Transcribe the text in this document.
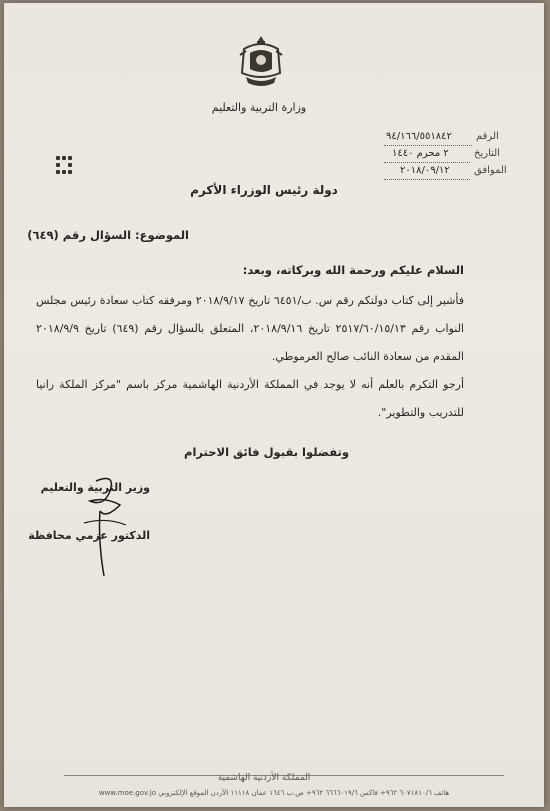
وزارة التربية والتعليم
الرقم
٩٤/١٦٦/٥٥١٨٤٢
التاريخ
٢ محرم ١٤٤٠
الموافق
٢٠١٨/٠٩/١٢
دولة رئيس الوزراء الأكرم
الموضوع: السؤال رقم (٦٤٩)
السلام عليكم ورحمة الله وبركاته، وبعد:
فأشير إلى كتاب دولتكم رقم س. ب/٦٤٥١ تاريخ ٢٠١٨/٩/١٧ ومرفقه كتاب سعادة رئيس مجلس النواب رقم ٢٥١٧/٦٠/١٥/١٣ تاريخ ٢٠١٨/٩/١٦، المتعلق بالسؤال رقم (٦٤٩) تاريخ ٢٠١٨/٩/٩ المقدم من سعادة النائب صالح العرموطي.
أرجو التكرم بالعلم أنه لا يوجد في المملكة الأردنية الهاشمية مركز باسم "مركز الملكة رانيا للتدريب والتطوير".
وتفضلوا بقبول فائق الاحترام
وزير التربية والتعليم
الدكتور عزمي محافظة
المملكة الأردنية الهاشمية
هاتف ٦٠٧١٨١٠/٦ ٩٦٢+ فاكس ٦٦٦٦٠١٩/٦ ٩٦٢+ ص.ب ١٦٤٦ عمان ١١١١٨ الأردن الموقع الإلكتروني www.moe.gov.jo
